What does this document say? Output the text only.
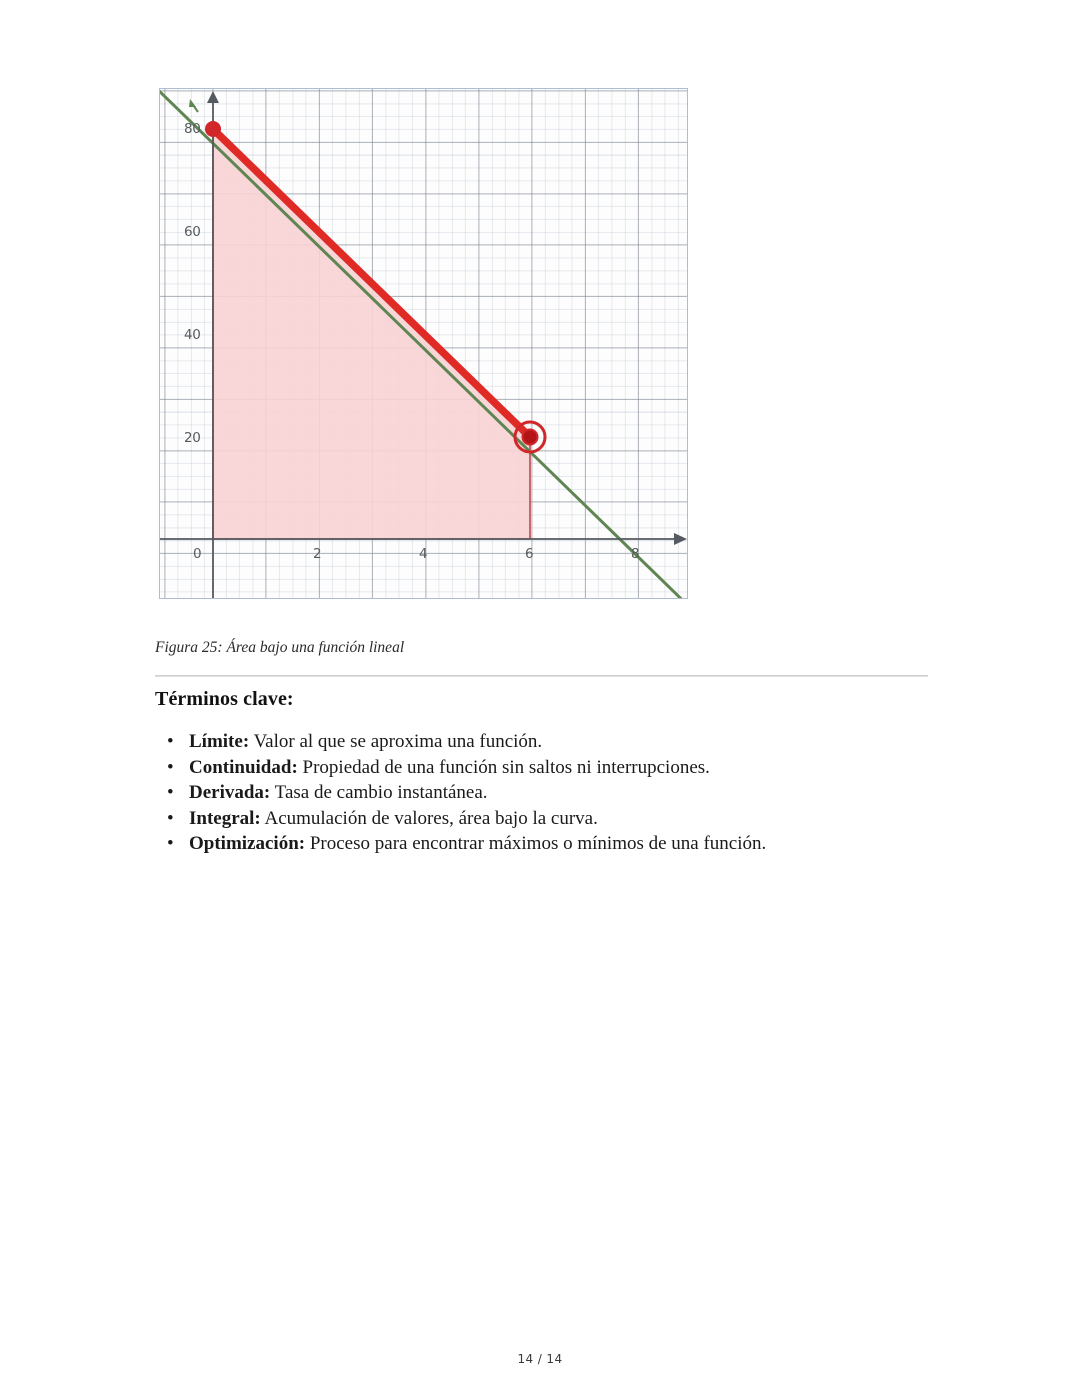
80
60
40
20
0	2	4	6	8
Figura 25: Área bajo una función lineal
Términos clave:
• Límite: Valor al que se aproxima una función.
• Continuidad: Propiedad de una función sin saltos ni interrupciones.
• Derivada: Tasa de cambio instantánea.
• Integral: Acumulación de valores, área bajo la curva.
• Optimización: Proceso para encontrar máximos o mínimos de una función.
14 / 14
